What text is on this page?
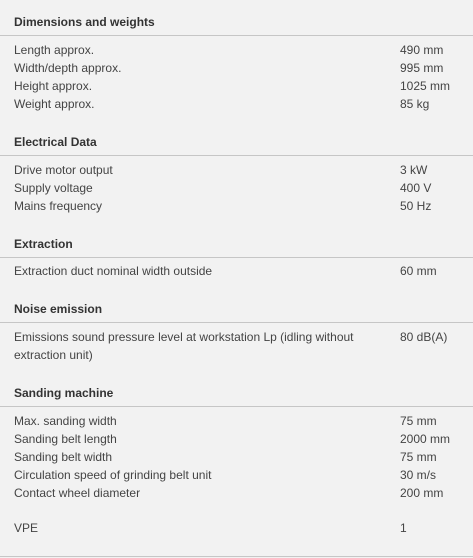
Dimensions and weights
Length approx.	490 mm
Width/depth approx.	995 mm
Height approx.	1025 mm
Weight approx.	85 kg
Electrical Data
Drive motor output	3 kW
Supply voltage	400 V
Mains frequency	50 Hz
Extraction
Extraction duct nominal width outside	60 mm
Noise emission
Emissions sound pressure level at workstation Lp (idling without extraction unit)
80 dB(A)
Sanding machine
Max. sanding width	75 mm
Sanding belt length	2000 mm
Sanding belt width	75 mm
Circulation speed of grinding belt unit	30 m/s
Contact wheel diameter	200 mm
VPE	1
